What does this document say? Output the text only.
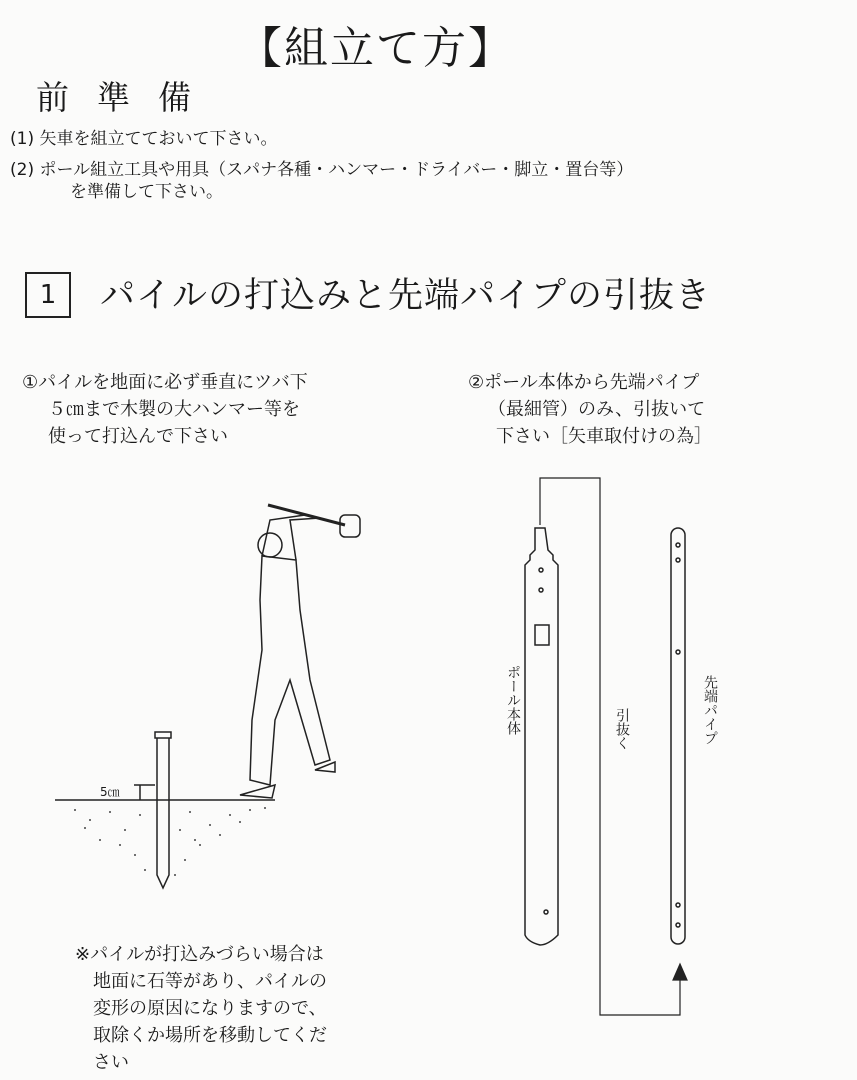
【組立て方】
前準備
(1) 矢車を組立てておいて下さい。
(2) ポール組立工具や用具（スパナ各種・ハンマー・ドライバー・脚立・置台等）
を準備して下さい。
1	パイルの打込みと先端パイプの引抜き
①パイルを地面に必ず垂直にツバ下
５㎝まで木製の大ハンマー等を
使って打込んで下さい
②ポール本体から先端パイプ
（最細管）のみ、引抜いて
下さい［矢車取付けの為］
5㎝
ポール本体	引抜く	先端パイプ
※パイルが打込みづらい場合は
地面に石等があり、パイルの
変形の原因になりますので、
取除くか場所を移動してくだ
さい
